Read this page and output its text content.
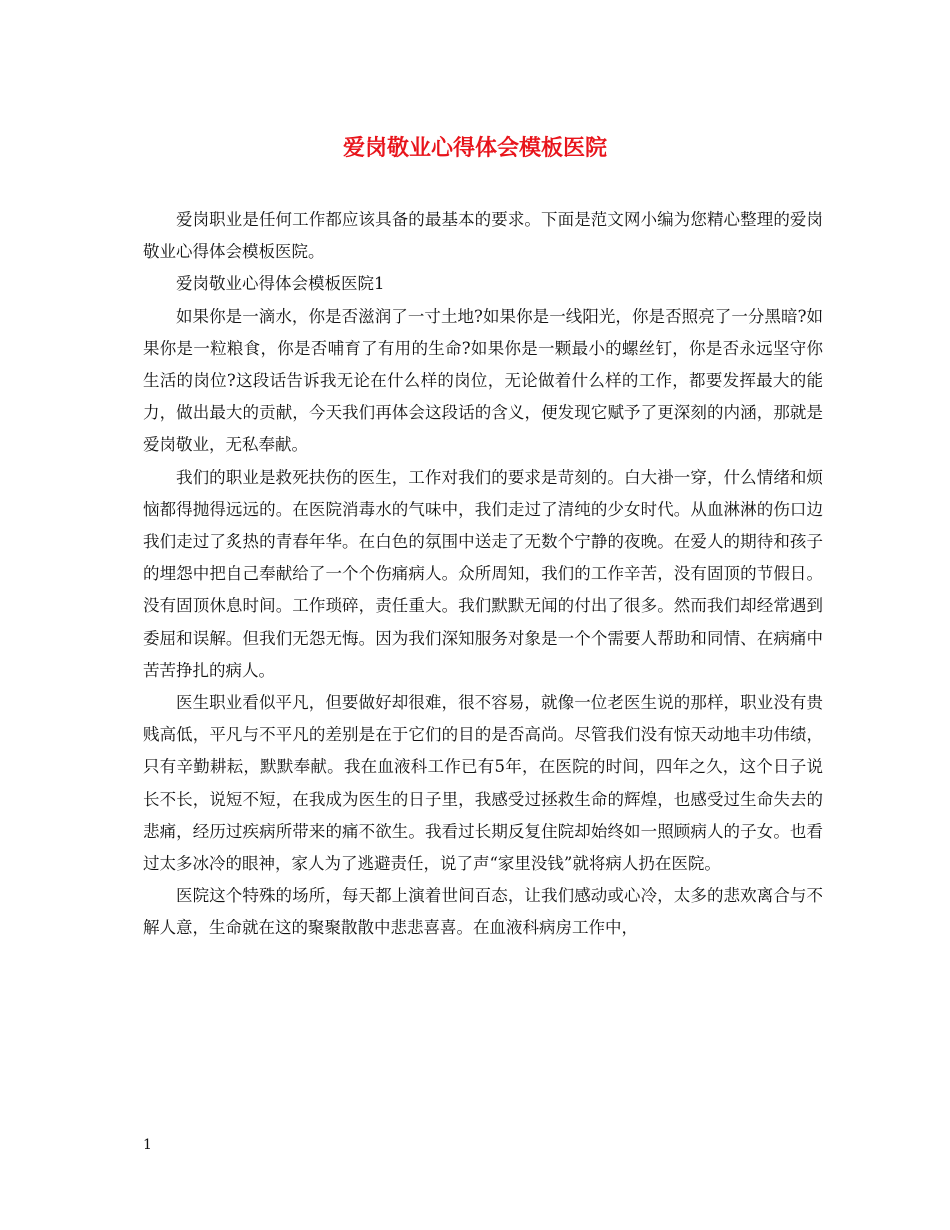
爱岗敬业心得体会模板医院

爱岗职业是任何工作都应该具备的最基本的要求。下面是范文网小编为您精心整理的爱岗敬业心得体会模板医院。

爱岗敬业心得体会模板医院1

如果你是一滴水，你是否滋润了一寸土地?如果你是一线阳光，你是否照亮了一分黑暗?如果你是一粒粮食，你是否哺育了有用的生命?如果你是一颗最小的螺丝钉，你是否永远坚守你生活的岗位?这段话告诉我无论在什么样的岗位，无论做着什么样的工作，都要发挥最大的能力，做出最大的贡献，今天我们再体会这段话的含义，便发现它赋予了更深刻的内涵，那就是爱岗敬业，无私奉献。

我们的职业是救死扶伤的医生，工作对我们的要求是苛刻的。白大褂一穿，什么情绪和烦恼都得抛得远远的。在医院消毒水的气味中，我们走过了清纯的少女时代。从血淋淋的伤口边我们走过了炙热的青春年华。在白色的氛围中送走了无数个宁静的夜晚。在爱人的期待和孩子的埋怨中把自己奉献给了一个个伤痛病人。众所周知，我们的工作辛苦，没有固顶的节假日。没有固顶休息时间。工作琐碎，责任重大。我们默默无闻的付出了很多。然而我们却经常遇到委屈和误解。但我们无怨无悔。因为我们深知服务对象是一个个需要人帮助和同情、在病痛中苦苦挣扎的病人。

医生职业看似平凡，但要做好却很难，很不容易，就像一位老医生说的那样，职业没有贵贱高低，平凡与不平凡的差别是在于它们的目的是否高尚。尽管我们没有惊天动地丰功伟绩，只有辛勤耕耘，默默奉献。我在血液科工作已有5年，在医院的时间，四年之久，这个日子说长不长，说短不短，在我成为医生的日子里，我感受过拯救生命的辉煌，也感受过生命失去的悲痛，经历过疾病所带来的痛不欲生。我看过长期反复住院却始终如一照顾病人的子女。也看过太多冰冷的眼神，家人为了逃避责任，说了声“家里没钱”就将病人扔在医院。

医院这个特殊的场所，每天都上演着世间百态，让我们感动或心冷，太多的悲欢离合与不解人意，生命就在这的聚聚散散中悲悲喜喜。在血液科病房工作中，

1
